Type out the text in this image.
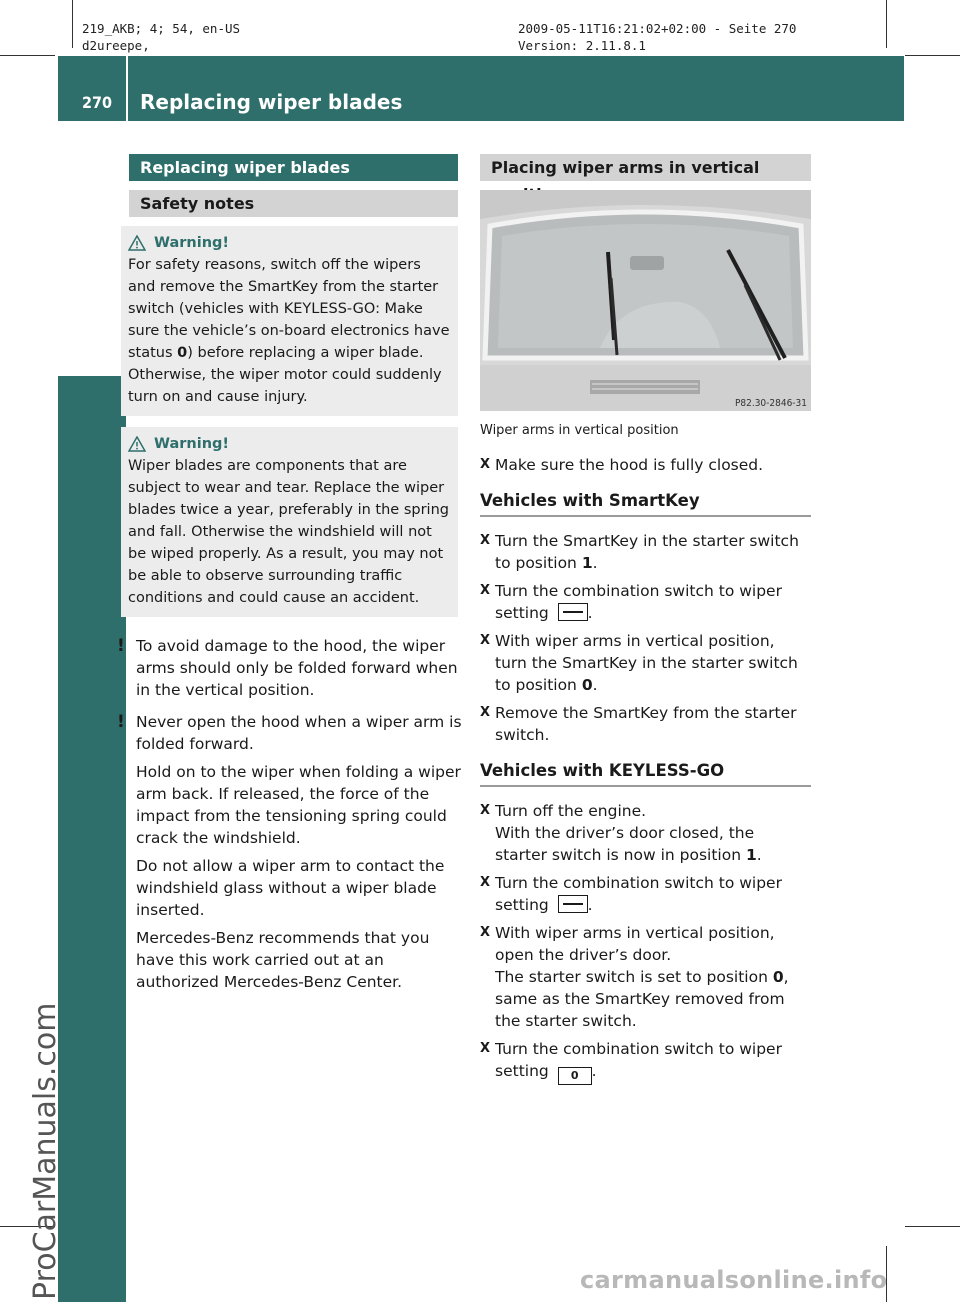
219_AKB; 4; 54, en-US
d2ureepe,
2009-05-11T16:21:02+02:00 - Seite 270
Version: 2.11.8.1
270 Replacing wiper blades
Practical hints
ProCarManuals.com
Replacing wiper blades
Safety notes
Warning!
For safety reasons, switch off the wipers and remove the SmartKey from the starter switch (vehicles with KEYLESS-GO: Make sure the vehicle’s on-board electronics have status 0) before replacing a wiper blade. Otherwise, the wiper motor could suddenly turn on and cause injury.
Warning!
Wiper blades are components that are subject to wear and tear. Replace the wiper blades twice a year, preferably in the spring and fall. Otherwise the windshield will not be wiped properly. As a result, you may not be able to observe surrounding traffic conditions and could cause an accident.
! To avoid damage to the hood, the wiper arms should only be folded forward when in the vertical position.
! Never open the hood when a wiper arm is folded forward.
Hold on to the wiper when folding a wiper arm back. If released, the force of the impact from the tensioning spring could crack the windshield.
Do not allow a wiper arm to contact the windshield glass without a wiper blade inserted.
Mercedes-Benz recommends that you have this work carried out at an authorized Mercedes-Benz Center.
Placing wiper arms in vertical
P82.30-2846-31
Wiper arms in vertical position
X Make sure the hood is fully closed.
Vehicles with SmartKey
X Turn the SmartKey in the starter switch to position 1.
X Turn the combination switch to wiper setting .
X With wiper arms in vertical position, turn the SmartKey in the starter switch to position 0.
X Remove the SmartKey from the starter switch.
Vehicles with KEYLESS-GO
X Turn off the engine.
With the driver’s door closed, the starter switch is now in position 1.
X Turn the combination switch to wiper setting .
X With wiper arms in vertical position, open the driver’s door.
The starter switch is set to position 0, same as the SmartKey removed from the starter switch.
X Turn the combination switch to wiper setting 0 .
carmanualsonline.info
